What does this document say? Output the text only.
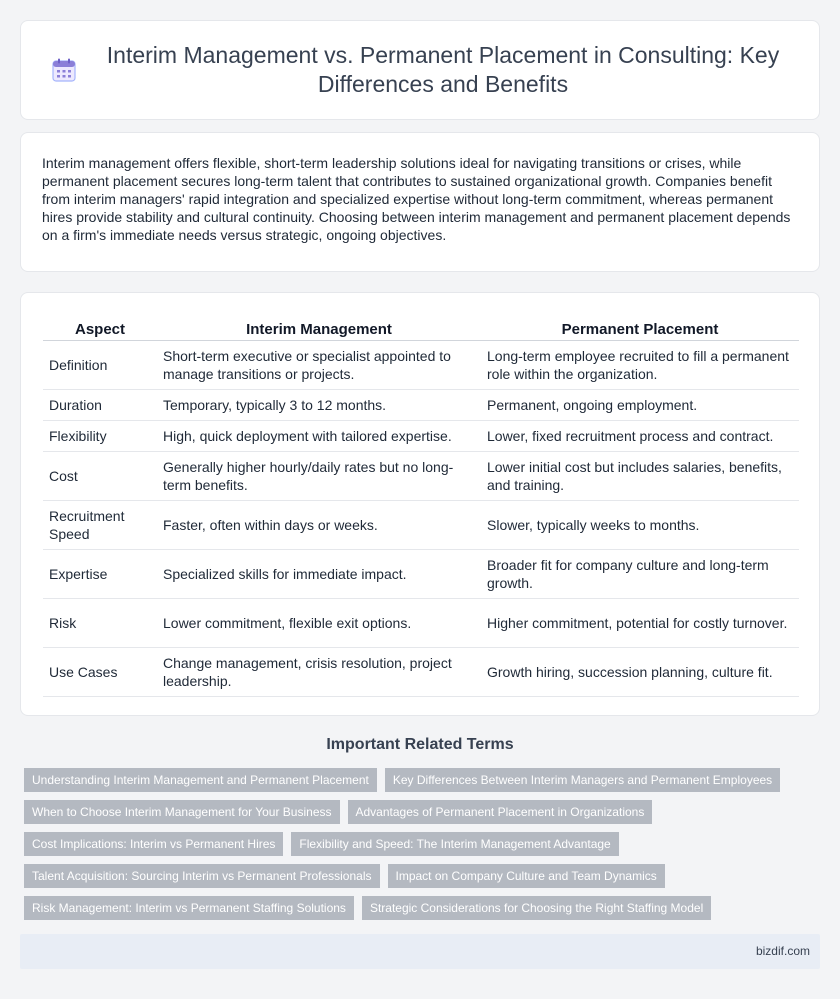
Interim Management vs. Permanent Placement in Consulting: Key Differences and Benefits

Interim management offers flexible, short-term leadership solutions ideal for navigating transitions or crises, while permanent placement secures long-term talent that contributes to sustained organizational growth. Companies benefit from interim managers' rapid integration and specialized expertise without long-term commitment, whereas permanent hires provide stability and cultural continuity. Choosing between interim management and permanent placement depends on a firm's immediate needs versus strategic, ongoing objectives.

Aspect	Interim Management	Permanent Placement
Definition	Short-term executive or specialist appointed to manage transitions or projects.	Long-term employee recruited to fill a permanent role within the organization.
Duration	Temporary, typically 3 to 12 months.	Permanent, ongoing employment.
Flexibility	High, quick deployment with tailored expertise.	Lower, fixed recruitment process and contract.
Cost	Generally higher hourly/daily rates but no long-term benefits.	Lower initial cost but includes salaries, benefits, and training.
Recruitment Speed	Faster, often within days or weeks.	Slower, typically weeks to months.
Expertise	Specialized skills for immediate impact.	Broader fit for company culture and long-term growth.
Risk	Lower commitment, flexible exit options.	Higher commitment, potential for costly turnover.
Use Cases	Change management, crisis resolution, project leadership.	Growth hiring, succession planning, culture fit.
Important Related Terms
Understanding Interim Management and Permanent Placement	Key Differences Between Interim Managers and Permanent Employees
When to Choose Interim Management for Your Business	Advantages of Permanent Placement in Organizations
Cost Implications: Interim vs Permanent Hires	Flexibility and Speed: The Interim Management Advantage
Talent Acquisition: Sourcing Interim vs Permanent Professionals	Impact on Company Culture and Team Dynamics
Risk Management: Interim vs Permanent Staffing Solutions	Strategic Considerations for Choosing the Right Staffing Model
bizdif.com
